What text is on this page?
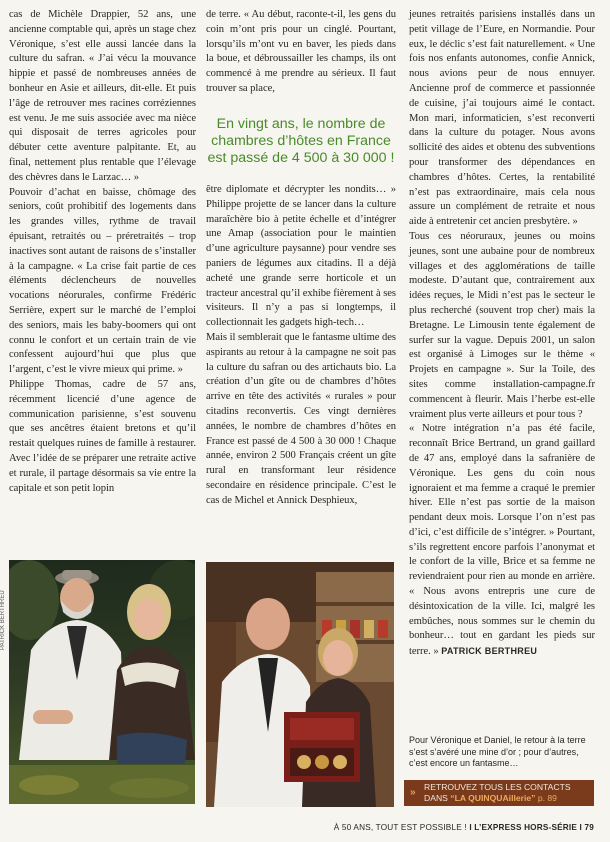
cas de Michèle Drappier, 52 ans, une ancienne comptable qui, après un stage chez Véronique, s’est elle aussi lancée dans la culture du safran. « J’ai vécu la mouvance hippie et passé de nombreuses années de bonheur en Asie et ailleurs, dit-elle. Et puis l’âge de retrouver mes racines corréziennes est venu. Je me suis associée avec ma nièce qui disposait de terres agricoles pour débuter cette aventure palpitante. Et, au final, nettement plus rentable que l’élevage des chèvres dans le Larzac… »

Pouvoir d’achat en baisse, chômage des seniors, coût prohibitif des logements dans les grandes villes, rythme de travail épuisant, retraités ou – préretraités – trop inactives sont autant de raisons de s’installer à la campagne. « La crise fait partie de ces éléments déclencheurs de nouvelles vocations néorurales, confirme Frédéric Serrière, expert sur le marché de l’emploi des seniors, mais les baby-boomers qui ont connu le confort et un certain train de vie confessent aujourd’hui que plus que l’argent, c’est le vivre mieux qui prime. »

Philippe Thomas, cadre de 57 ans, récemment licencié d’une agence de communication parisienne, s’est souvenu que ses ancêtres étaient bretons et qu’il restait quelques ruines de famille à restaurer. Avec l’idée de se préparer une retraite active et rurale, il partage désormais sa vie entre la capitale et son petit lopin

de terre. « Au début, raconte-t-il, les gens du coin m’ont pris pour un cinglé. Pourtant, lorsqu’ils m’ont vu en baver, les pieds dans la boue, et débroussailler les champs, ils ont commencé à me prendre au sérieux. Il faut trouver sa place,

En vingt ans, le nombre de chambres d’hôtes en France est passé de 4 500 à 30 000 !

être diplomate et décrypter les nondits… » Philippe projette de se lancer dans la culture maraîchère bio à petite échelle et d’intégrer une Amap (association pour le maintien d’une agriculture paysanne) pour vendre ses paniers de légumes aux citadins. Il a déjà acheté une grande serre horticole et un tracteur ancestral qu’il exhibe fièrement à ses visiteurs. Il n’y a pas si longtemps, il collectionnait les gadgets high-tech…

Mais il semblerait que le fantasme ultime des aspirants au retour à la campagne ne soit pas la culture du safran ou des artichauts bio. La création d’un gîte ou de chambres d’hôtes arrive en tête des activités « rurales » pour citadins reconvertis. Ces vingt dernières années, le nombre de chambres d’hôtes en France est passé de 4 500 à 30 000 ! Chaque année, environ 2 500 Français créent un gîte rural en transformant leur résidence secondaire en résidence principale. C’est le cas de Michel et Annick Desphieux,

jeunes retraités parisiens installés dans un petit village de l’Eure, en Normandie. Pour eux, le déclic s’est fait naturellement. « Une fois nos enfants autonomes, confie Annick, nous avions peur de nous ennuyer. Ancienne prof de commerce et passionnée de cuisine, j’ai toujours aimé le contact. Mon mari, informaticien, s’est reconverti dans la culture du potager. Nous avons sollicité des aides et obtenu des subventions pour transformer des dépendances en chambres d’hôtes. Certes, la rentabilité n’est pas extraordinaire, mais cela nous assure un complément de retraite et nous aide à entretenir cet ancien presbytère. »

Tous ces néoruraux, jeunes ou moins jeunes, sont une aubaine pour de nombreux villages et des agglomérations de taille modeste. D’autant que, contrairement aux idées reçues, le Midi n’est pas le secteur le plus recherché (souvent trop cher) mais la Bretagne. Le Limousin tente également de surfer sur la vague. Depuis 2001, un salon est organisé à Limoges sur le thème « Projets en campagne ». Sur la Toile, des sites comme installation-campagne.fr commencent à fleurir. Mais l’herbe est-elle vraiment plus verte ailleurs et pour tous ?

« Notre intégration n’a pas été facile, reconnaît Brice Bertrand, un grand gaillard de 47 ans, employé dans la safranière de Véronique. Les gens du coin nous ignoraient et ma femme a craqué le premier hiver. Elle n’est pas sortie de la maison pendant deux mois. Lorsque l’on n’est pas d’ici, c’est difficile de s’intégrer. » Pourtant, s’ils regrettent encore parfois l’anonymat et le confort de la ville, Brice et sa femme ne reviendraient pour rien au monde en arrière. « Nous avons entrepris une cure de désintoxication de la ville. Ici, malgré les embûches, nous sommes sur le chemin du bonheur… tout en gardant les pieds sur terre. » PATRICK BERTHREU

PATRICK BERTHREU
Pour Véronique et Daniel, le retour à la terre s’est s’avéré une mine d’or ; pour d’autres, c’est encore un fantasme…
» RETROUVEZ TOUS LES CONTACTS DANS “LA QUINQUAillerie” p. 89
À 50 ANS, TOUT EST POSSIBLE ! I L’EXPRESS HORS-SÉRIE I 79
